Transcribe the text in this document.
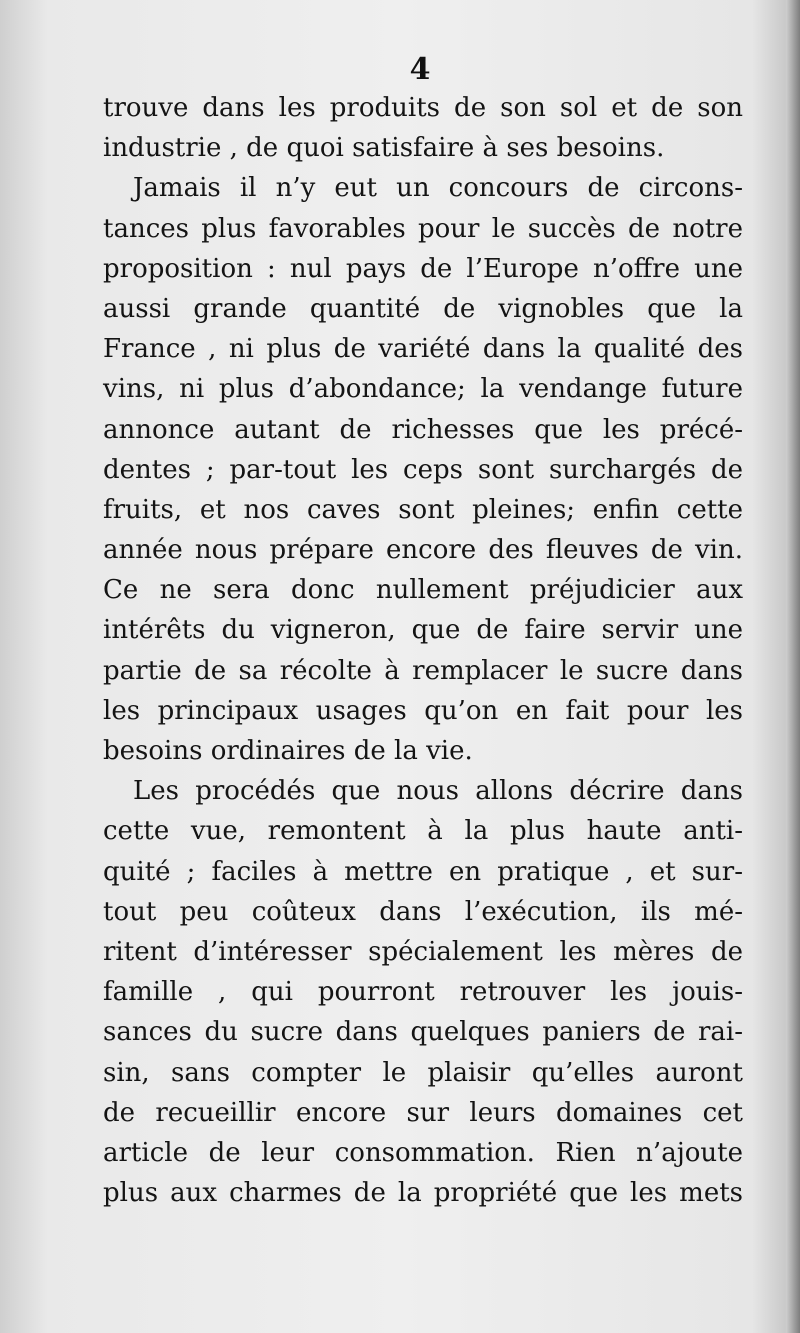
4
trouve dans les produits de son sol et de son
industrie , de quoi satisfaire à ses besoins.
Jamais il n’y eut un concours de circons-
tances plus favorables pour le succès de notre
proposition : nul pays de l’Europe n’offre une
aussi grande quantité de vignobles que la
France , ni plus de variété dans la qualité des
vins, ni plus d’abondance; la vendange future
annonce autant de richesses que les précé-
dentes ; par-tout les ceps sont surchargés de
fruits, et nos caves sont pleines; enfin cette
année nous prépare encore des fleuves de vin.
Ce ne sera donc nullement préjudicier aux
intérêts du vigneron, que de faire servir une
partie de sa récolte à remplacer le sucre dans
les principaux usages qu’on en fait pour les
besoins ordinaires de la vie.
Les procédés que nous allons décrire dans
cette vue, remontent à la plus haute anti-
quité ; faciles à mettre en pratique , et sur-
tout peu coûteux dans l’exécution, ils mé-
ritent d’intéresser spécialement les mères de
famille , qui pourront retrouver les jouis-
sances du sucre dans quelques paniers de rai-
sin, sans compter le plaisir qu’elles auront
de recueillir encore sur leurs domaines cet
article de leur consommation. Rien n’ajoute
plus aux charmes de la propriété que les mets
